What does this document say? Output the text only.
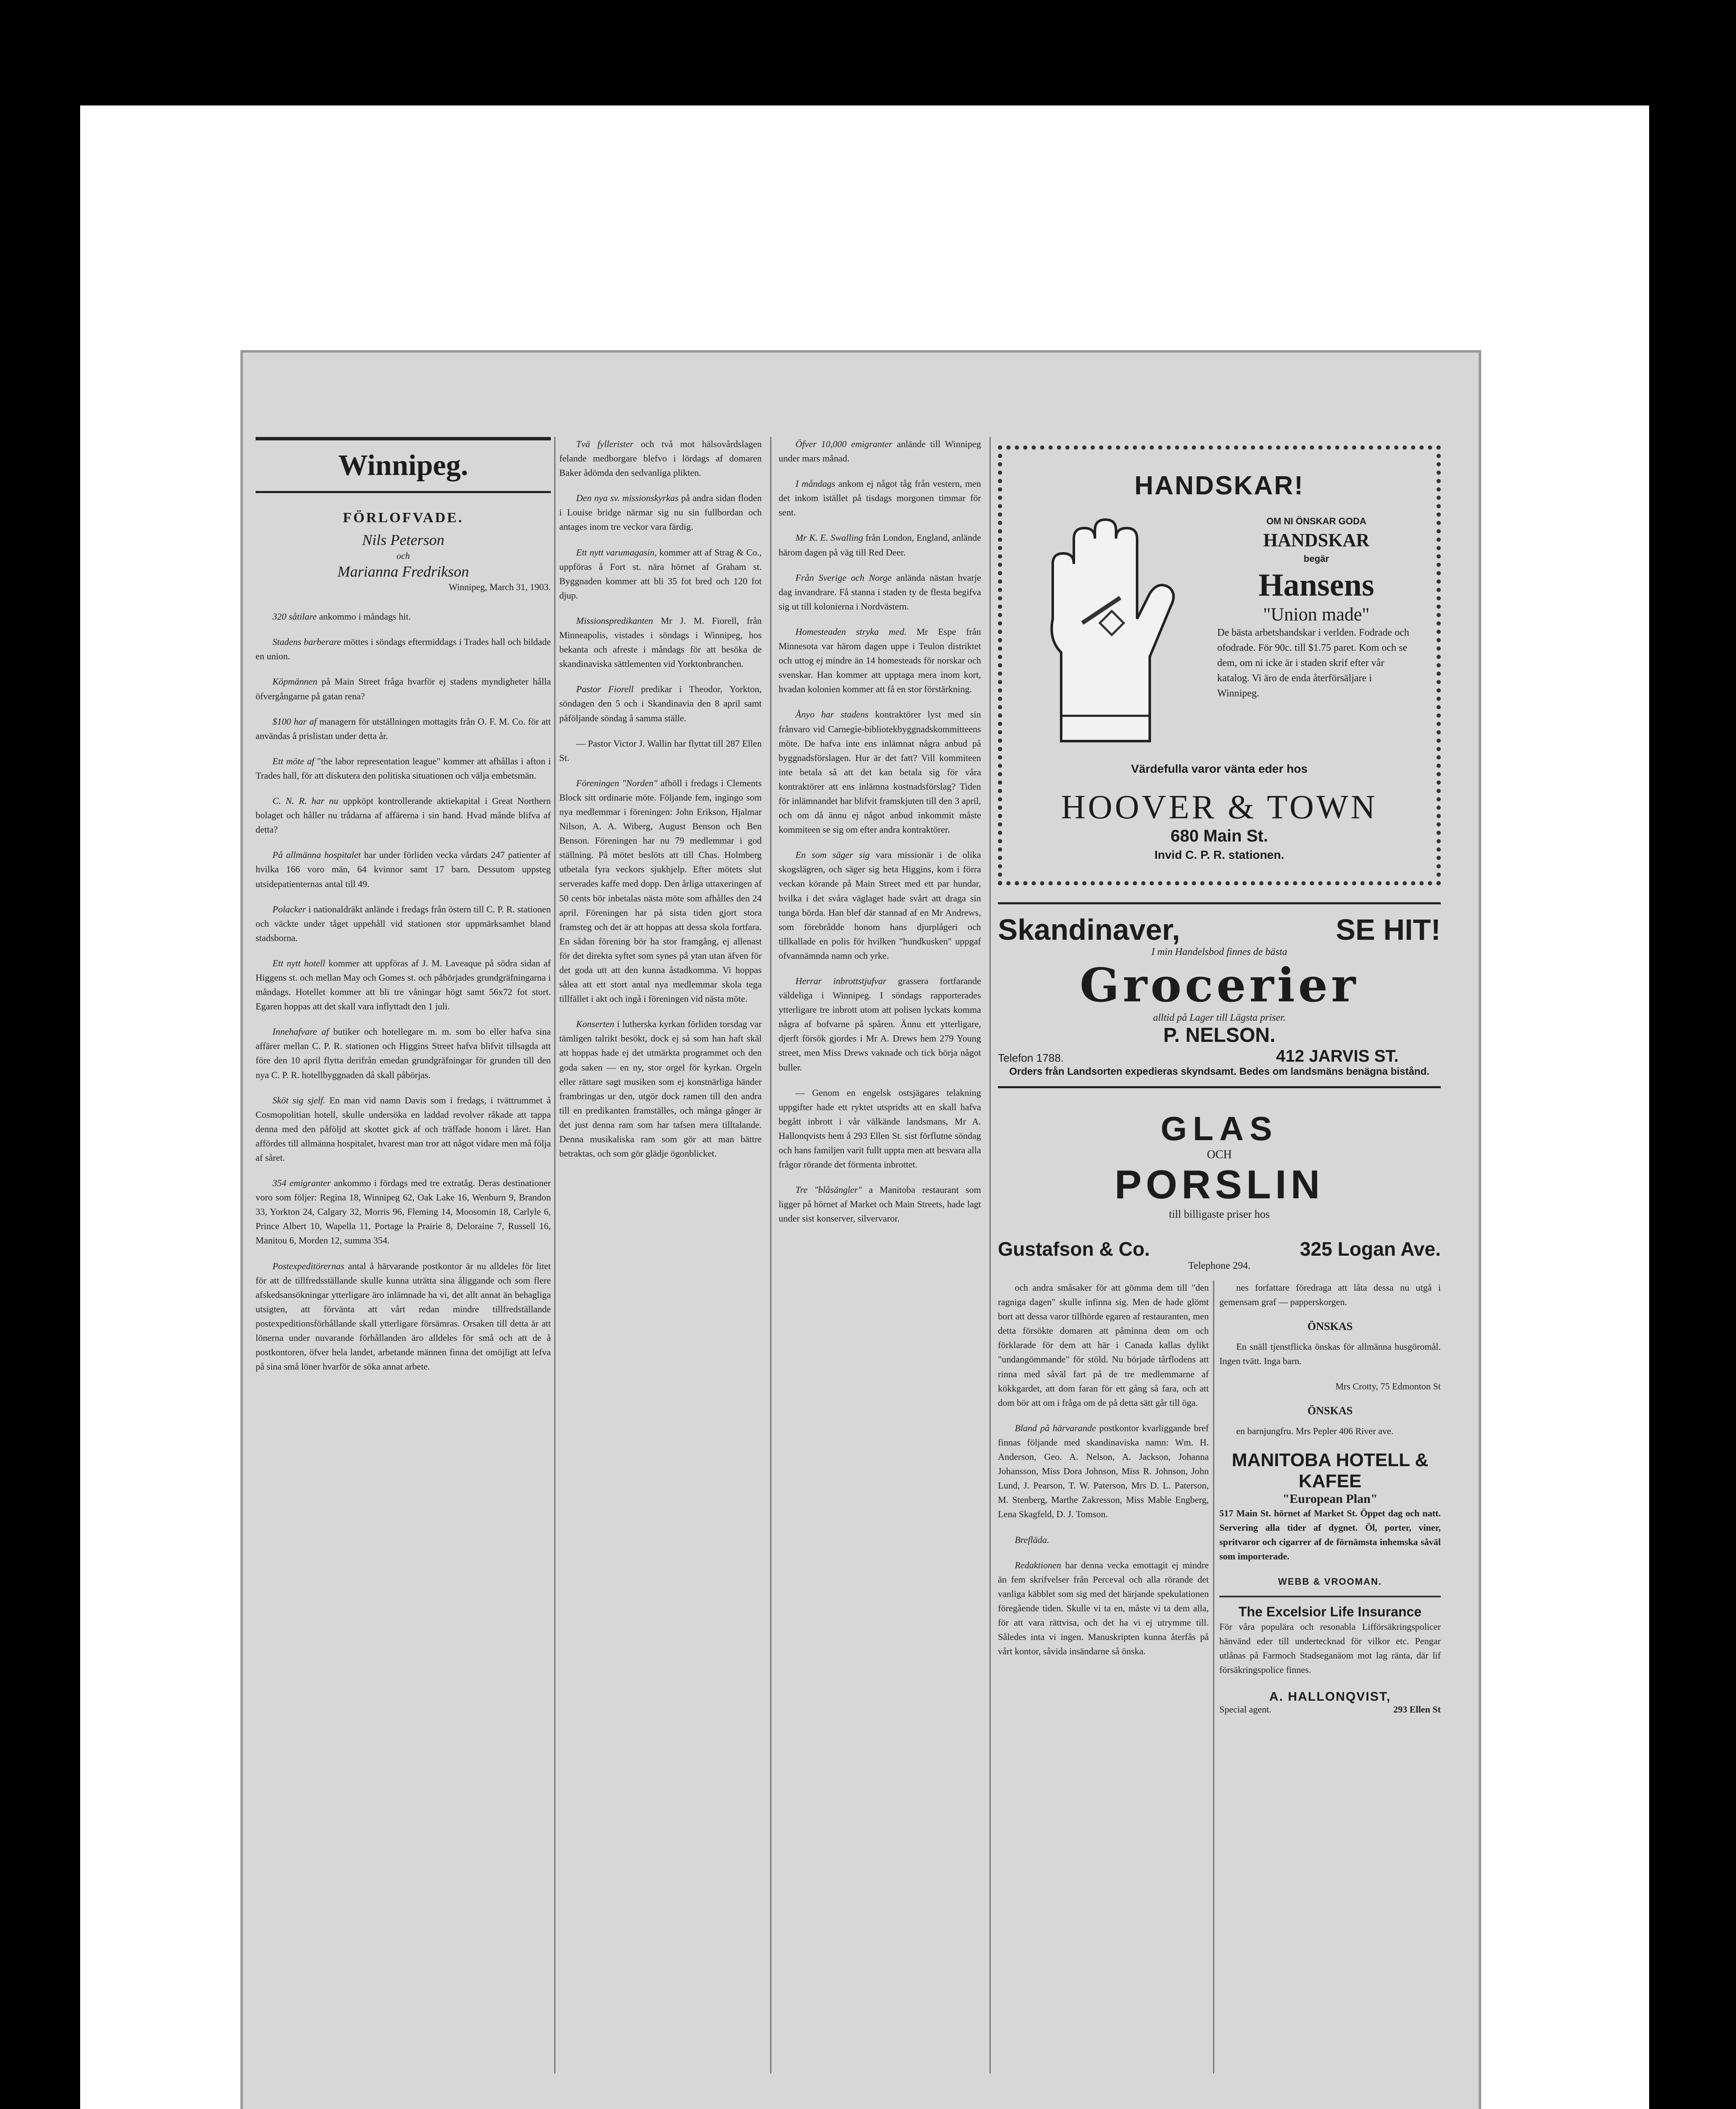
Winnipeg.
FÖRLOFVADE.
Nils Peterson
och
Marianna Fredrikson
Winnipeg, March 31, 1903.

320 såtilare ankommo i måndags hit.

Stadens barberare möttes i söndags eftermiddags i Trades hall och bildade en union.

Köpmännen på Main Street fråga hvarför ej stadens myndigheter hålla öfvergångarne på gatan rena?

$100 har af managern för utställningen mottagits från O. F. M. Co. för att användas å prislistan under detta år.

Ett möte af "the labor representation league" kommer att afhållas i afton i Trades hall, för att diskutera den politiska situationen och välja embetsmän.

C. N. R. har nu uppköpt kontrollerande aktiekapital i Great Northern bolaget och håller nu trådarna af affärerna i sin hand. Hvad månde blifva af detta?

På allmänna hospitalet har under förliden vecka vårdats 247 patienter af hvilka 166 voro män, 64 kvinnor samt 17 barn. Dessutom uppsteg utsidepatienternas antal till 49.

Polacker i nationaldräkt anlände i fredags från östern till C. P. R. stationen och väckte under tåget uppehåll vid stationen stor uppmärksamhet bland stadsborna.

Ett nytt hotell kommer att uppföras af J. M. Laveaque på södra sidan af Higgens st. och mellan May och Gomes st. och påbörjades grundgräfningarna i måndags. Hotellet kommer att bli tre våningar högt samt 56x72 fot stort. Egaren hoppas att det skall vara inflyttadt den 1 juli.

Innehafvare af butiker och hotellegare m. m. som bo eller hafva sina affärer mellan C. P. R. stationen och Higgins Street hafva blifvit tillsagda att före den 10 april flytta derifrån emedan grundgräfningar för grunden till den nya C. P. R. hotellbyggnaden då skall påbörjas.

Sköt sig sjelf. En man vid namn Davis som i fredags, i tvättrummet å Cosmopolitian hotell, skulle undersöka en laddad revolver råkade att tappa denna med den påföljd att skottet gick af och träffade honom i låret. Han affördes till allmänna hospitalet, hvarest man tror att något vidare men må följa af såret.

354 emigranter ankommo i fördags med tre extratåg. Deras destinationer voro som följer: Regina 18, Winnipeg 62, Oak Lake 16, Wenburn 9, Brandon 33, Yorkton 24, Calgary 32, Morris 96, Fleming 14, Moosomin 18, Carlyle 6, Prince Albert 10, Wapella 11, Portage la Prairie 8, Deloraine 7, Russell 16, Manitou 6, Morden 12, summa 354.

Postexpeditörernas antal å härvarande postkontor är nu alldeles för litet för att de tillfredsställande skulle kunna uträtta sina åliggande och som flere afskedsansökningar ytterligare äro inlämnade ha vi, det allt annat än behagliga utsigten, att förvänta att vårt redan mindre tillfredställande postexpeditionsförhållande skall ytterligare försämras. Orsaken till detta är att lönerna under nuvarande förhållanden äro alldeles för små och att de å postkontoren, öfver hela landet, arbetande männen finna det omöjligt att lefva på sina små löner hvarför de söka annat arbete.

Tvä fyllerister och två mot hälsovårdslagen felande medborgare blefvo i lördags af domaren Baker ådömda den sedvanliga plikten.

Den nya sv. missionskyrkas på andra sidan floden i Louise bridge närmar sig nu sin fullbordan och antages inom tre veckor vara färdig.

Ett nytt varumagasin, kommer att af Strag & Co., uppföras å Fort st. nära hörnet af Graham st. Byggnaden kommer att bli 35 fot bred och 120 fot djup.

Missionspredikanten Mr J. M. Fiorell, från Minneapolis, vistades i söndags i Winnipeg, hos bekanta och afreste i måndags för att besöka de skandinaviska sättlementen vid Yorktonbranchen.

Pastor Fiorell predikar i Theodor, Yorkton, söndagen den 5 och i Skandinavia den 8 april samt påföljande söndag å samma ställe.

— Pastor Victor J. Wallin har flyttat till 287 Ellen St.

Föreningen "Norden" afhöll i fredags i Clements Block sitt ordinarie möte. Följande fem, ingingo som nya medlemmar i föreningen: John Erikson, Hjalmar Nilson, A. A. Wiberg, August Benson och Ben Benson. Föreningen har nu 79 medlemmar i god ställning. På mötet beslöts att till Chas. Holmberg utbetala fyra veckors sjukhjelp. Efter mötets slut serverades kaffe med dopp. Den årliga uttaxeringen af 50 cents bör inbetalas nästa möte som afhålles den 24 april. Föreningen har på sista tiden gjort stora framsteg och det är att hoppas att dessa skola fortfara. En sådan förening bör ha stor framgång, ej allenast för det direkta syftet som synes på ytan utan äfven för det goda utt att den kunna åstadkomma. Vi hoppas sålea att ett stort antal nya medlemmar skola tega tillfället i akt och ingå i föreningen vid nästa möte.

Konserten i lutherska kyrkan förliden torsdag var tämligen talrikt besökt, dock ej så som han haft skäl att hoppas hade ej det utmärkta programmet och den goda saken — en ny, stor orgel för kyrkan. Orgeln eller rättare sagt musiken som ej konstnärliga händer frambringas ur den, utgör dock ramen till den andra till en predikanten framställes, och många gånger är det just denna ram som har tafsen mera tilltalande. Denna musikaliska ram som gör att man bättre betraktas, och som gör glädje ögonblicket.

Öfver 10,000 emigranter anlände till Winnipeg under mars månad.

I måndags ankom ej något tåg från vestern, men det inkom istället på tisdags morgonen timmar för sent.

Mr K. E. Swalling från London, England, anlände härom dagen på väg till Red Deer.

Från Sverige och Norge anlända nästan hvarje dag invandrare. Få stanna i staden ty de flesta begifva sig ut till kolonierna i Nordvästern.

Homesteaden stryka med. Mr Espe från Minnesota var härom dagen uppe i Teulon distriktet och uttog ej mindre än 14 homesteads för norskar och svenskar. Han kommer att upptaga mera inom kort, hvadan kolonien kommer att få en stor förstärkning.

Ånyo har stadens kontraktörer lyst med sin frånvaro vid Carnegie-bibliotekbyggnadskommitteens möte. De hafva inte ens inlämnat några anbud på byggnadsförslagen. Hur är det fatt? Vill kommiteen inte betala så att det kan betala sig för våra kontraktörer att ens inlämna kostnadsförslag? Tiden för inlämnandet har blifvit framskjuten till den 3 april, och om då ännu ej något anbud inkommit måste kommiteen se sig om efter andra kontraktörer.

En som säger sig vara missionär i de olika skogslägren, och säger sig heta Higgins, kom i förra veckan körande på Main Street med ett par hundar, hvilka i det svåra väglaget hade svårt att draga sin tunga börda. Han blef där stannad af en Mr Andrews, som förebrådde honom hans djurplågeri och tillkallade en polis för hvilken "hundkusken" uppgaf ofvannämnda namn och yrke.

Herrar inbrottstjufvar grassera fortfarande väldeliga i Winnipeg. I söndags rapporterades ytterligare tre inbrott utom att polisen lyckats komma några af bofvarne på spåren. Ännu ett ytterligare, djerft försök gjordes i Mr A. Drews hem 279 Young street, men Miss Drews vaknade och tick börja något buller.

— Genom en engelsk ostsjägares telakning uppgifter hade ett ryktet utspridts att en skall hafva begått inbrott i vår välkände landsmans, Mr A. Hallonqvists hem å 293 Ellen St. sist förflutne söndag och hans familjen varit fullt uppta men att besvara alla frågor rörande det förmenta inbrottet.

Tre "blåsängler" a Manitoba restaurant som ligger på hörnet af Market och Main Streets, hade lagt under sist konserver, silvervaror.

HANDSKAR!
OM NI ÖNSKAR GODA
HANDSKAR
begär
Hansens
"Union made"
De bästa arbetshandskar i verlden. Fodrade och ofodrade. För 90c. till $1.75 paret. Kom och se dem, om ni icke är i staden skrif efter vår katalog. Vi äro de enda återförsäljare i Winnipeg.
Värdefulla varor vänta eder hos
HOOVER & TOWN
680 Main St.
Invid C. P. R. stationen.
Skandinaver,	SE HIT!
I min Handelsbod finnes de bästa
Grocerier
alltid på Lager till Lägsta priser.
P. NELSON.
Telefon 1788.	412 JARVIS ST.
Orders från Landsorten expedieras skyndsamt. Bedes om landsmäns benägna bistånd.
GLAS
OCH
PORSLIN
till billigaste priser hos
Gustafson & Co.	325 Logan Ave.
Telephone 294.

och andra småsaker för att gömma dem till "den ragniga dagen" skulle infinna sig. Men de hade glömt bort att dessa varor tillhörde egaren af restauranten, men detta försökte domaren att påminna dem om och förklarade för dem att här i Canada kallas dylikt "undangömmande" för stöld. Nu började tårflodens att rinna med såväl fart på de tre medlemmarne af kökkgardet, att dom faran för ett gång så fara, och att dom bör att om i fråga om de på detta sätt går till öga.

Bland på härvarande postkontor kvarliggande bref finnas följande med skandinaviska namn: Wm. H. Anderson, Geo. A. Nelson, A. Jackson, Johanna Johansson, Miss Dora Johnson, Miss R. Johnson, John Lund, J. Pearson, T. W. Paterson, Mrs D. L. Paterson, M. Stenberg, Marthe Zakresson, Miss Mable Engberg, Lena Skagfeld, D. J. Tomson.

Brefläda.

Redaktionen har denna vecka emottagit ej mindre än fem skrifvelser från Perceval och alla rörande det vanliga käbblet som sig med det härjande spekulationen föregående tiden. Skulle vi ta en, måste vi ta dem alla, för att vara rättvisa, och det ha vi ej utrymme till. Således inta vi ingen. Manuskripten kunna återfås på vårt kontor, såvida insändarne så önska.

nes forfattare föredraga att låta dessa nu utgå i gemensam graf — papperskorgen.

ÖNSKAS

En snäll tjenstflicka önskas för allmänna husgöromål. Ingen tvätt. Inga barn.

Mrs Crotty, 75 Edmonton St

ÖNSKAS

en barnjungfru. Mrs Pepler 406 River ave.

MANITOBA HOTELL & KAFEE
"European Plan"

517 Main St. hörnet af Market St. Öppet dag och natt. Servering alla tider af dygnet. Öl, porter, viner, spritvaror och cigarrer af de förnämsta inhemska såväl som importerade.

WEBB & VROOMAN.
The Excelsior Life Insurance

För våra populära och resonabla Lifförsäkringspolicer hänvänd eder till undertecknad för vilkor etc. Pengar utlånas på Farmoch Stadseganäom mot lag ränta, där lif försäkringspolice finnes.

A. HALLONQVIST,
Special agent.	293 Ellen St
